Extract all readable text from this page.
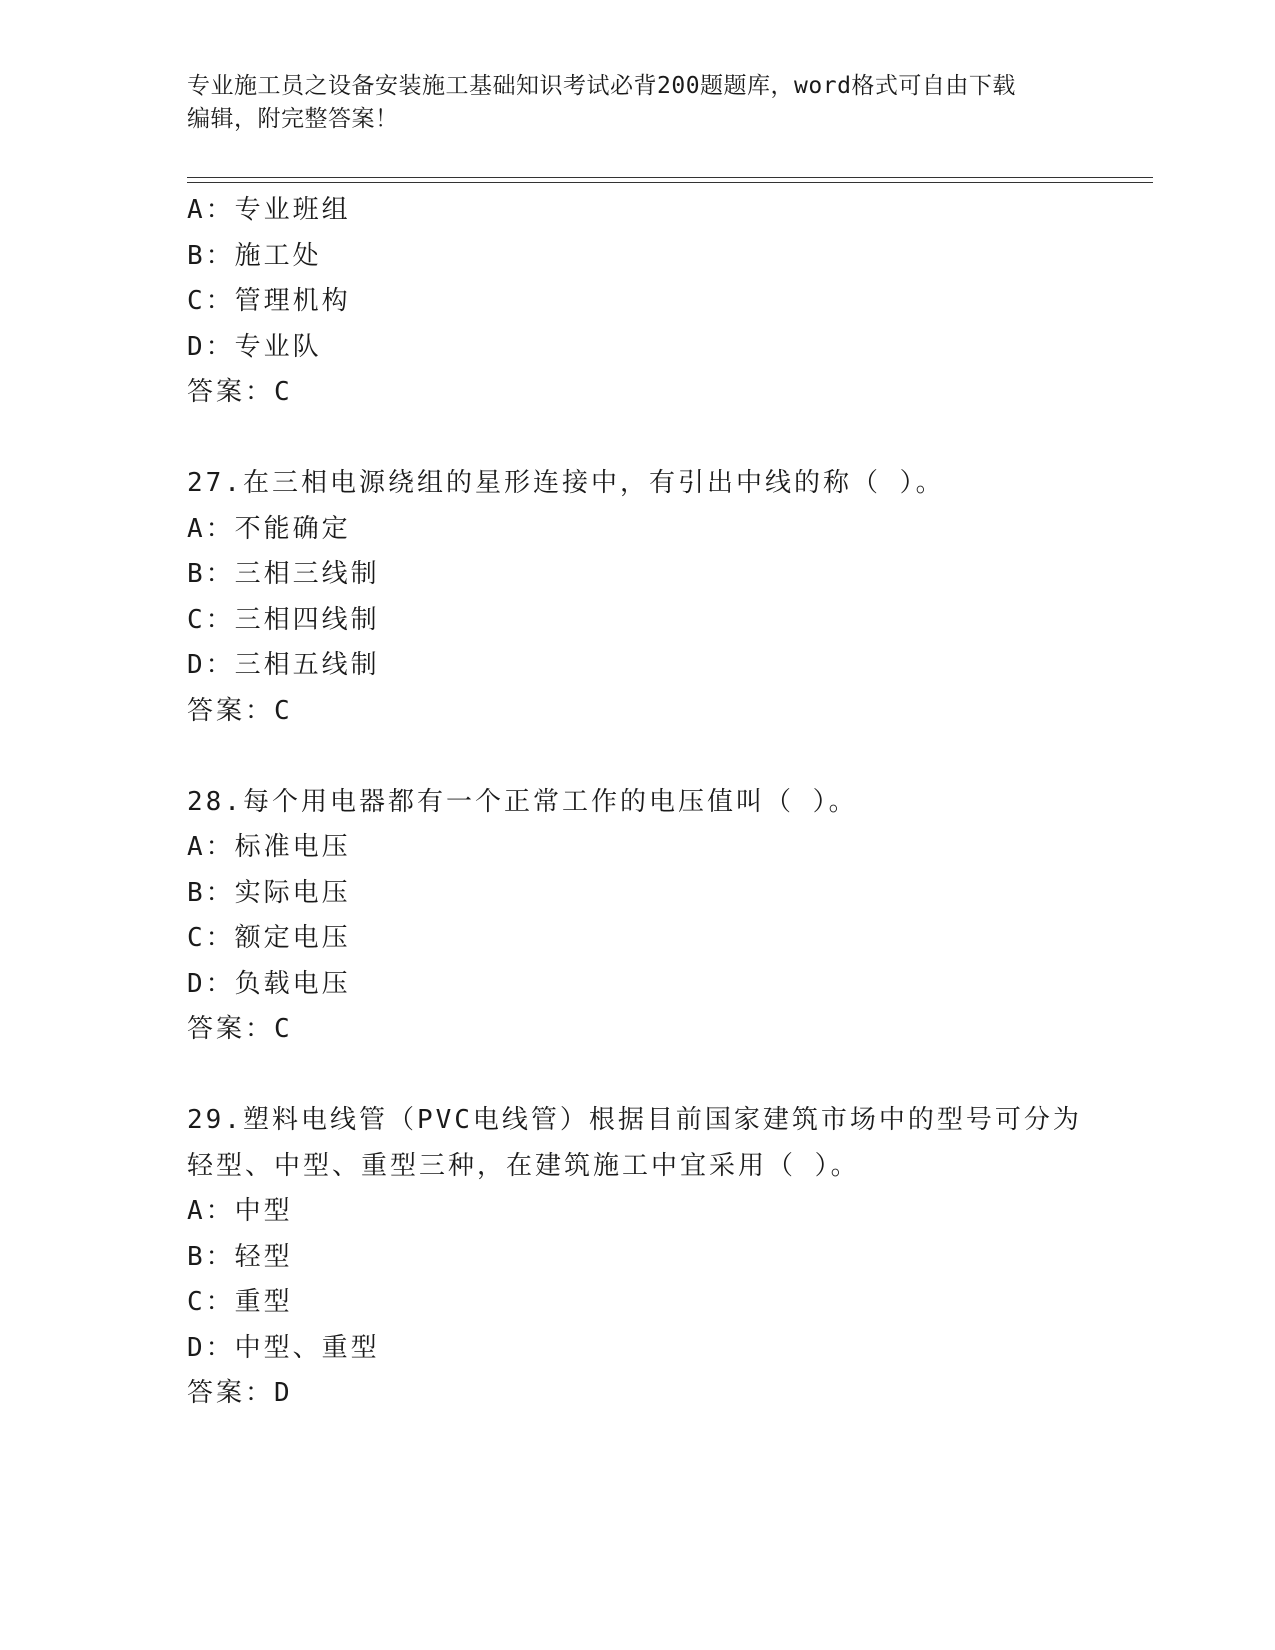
专业施工员之设备安装施工基础知识考试必背200题题库，word格式可自由下载
编辑，附完整答案！
A：专业班组
B：施工处
C：管理机构
D：专业队
答案：C
27.在三相电源绕组的星形连接中，有引出中线的称（ ）。
A：不能确定
B：三相三线制
C：三相四线制
D：三相五线制
答案：C
28.每个用电器都有一个正常工作的电压值叫（ ）。
A：标准电压
B：实际电压
C：额定电压
D：负载电压
答案：C
29.塑料电线管（PVC电线管）根据目前国家建筑市场中的型号可分为
轻型、中型、重型三种，在建筑施工中宜采用（ ）。
A：中型
B：轻型
C：重型
D：中型、重型
答案：D
